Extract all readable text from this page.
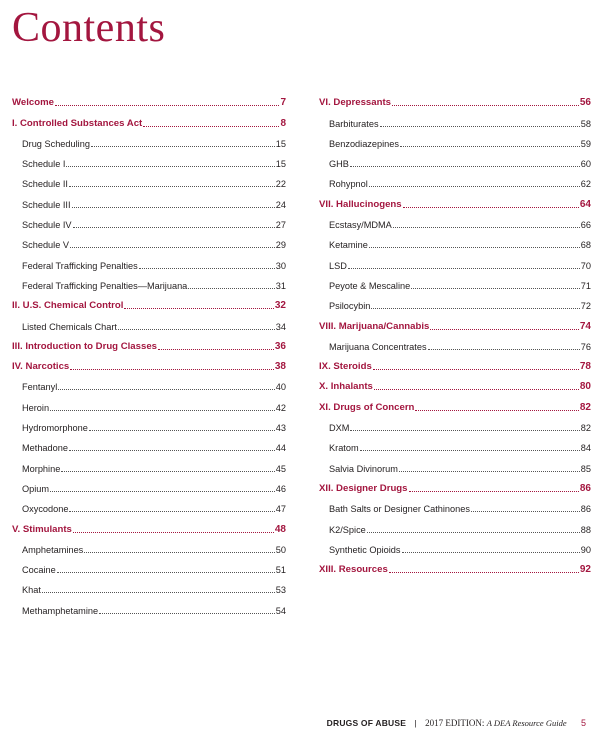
Contents
Welcome	7
I. Controlled Substances Act	8
Drug Scheduling	15
Schedule I	15
Schedule II	22
Schedule III	24
Schedule IV	27
Schedule V	29
Federal Trafficking Penalties	30
Federal Trafficking Penalties—Marijuana	31
II. U.S. Chemical Control	32
Listed Chemicals Chart	34
III. Introduction to Drug Classes	36
IV. Narcotics	38
Fentanyl	40
Heroin	42
Hydromorphone	43
Methadone	44
Morphine	45
Opium	46
Oxycodone	47
V. Stimulants	48
Amphetamines	50
Cocaine	51
Khat	53
Methamphetamine	54
VI. Depressants	56
Barbiturates	58
Benzodiazepines	59
GHB	60
Rohypnol	62
VII. Hallucinogens	64
Ecstasy/MDMA	66
Ketamine	68
LSD	70
Peyote & Mescaline	71
Psilocybin	72
VIII. Marijuana/Cannabis	74
Marijuana Concentrates	76
IX. Steroids	78
X. Inhalants	80
XI. Drugs of Concern	82
DXM	82
Kratom	84
Salvia Divinorum	85
XII. Designer Drugs	86
Bath Salts or Designer Cathinones	86
K2/Spice	88
Synthetic Opioids	90
XIII. Resources	92
DRUGS OF ABUSE | 2017 EDITION: A DEA Resource Guide 5
